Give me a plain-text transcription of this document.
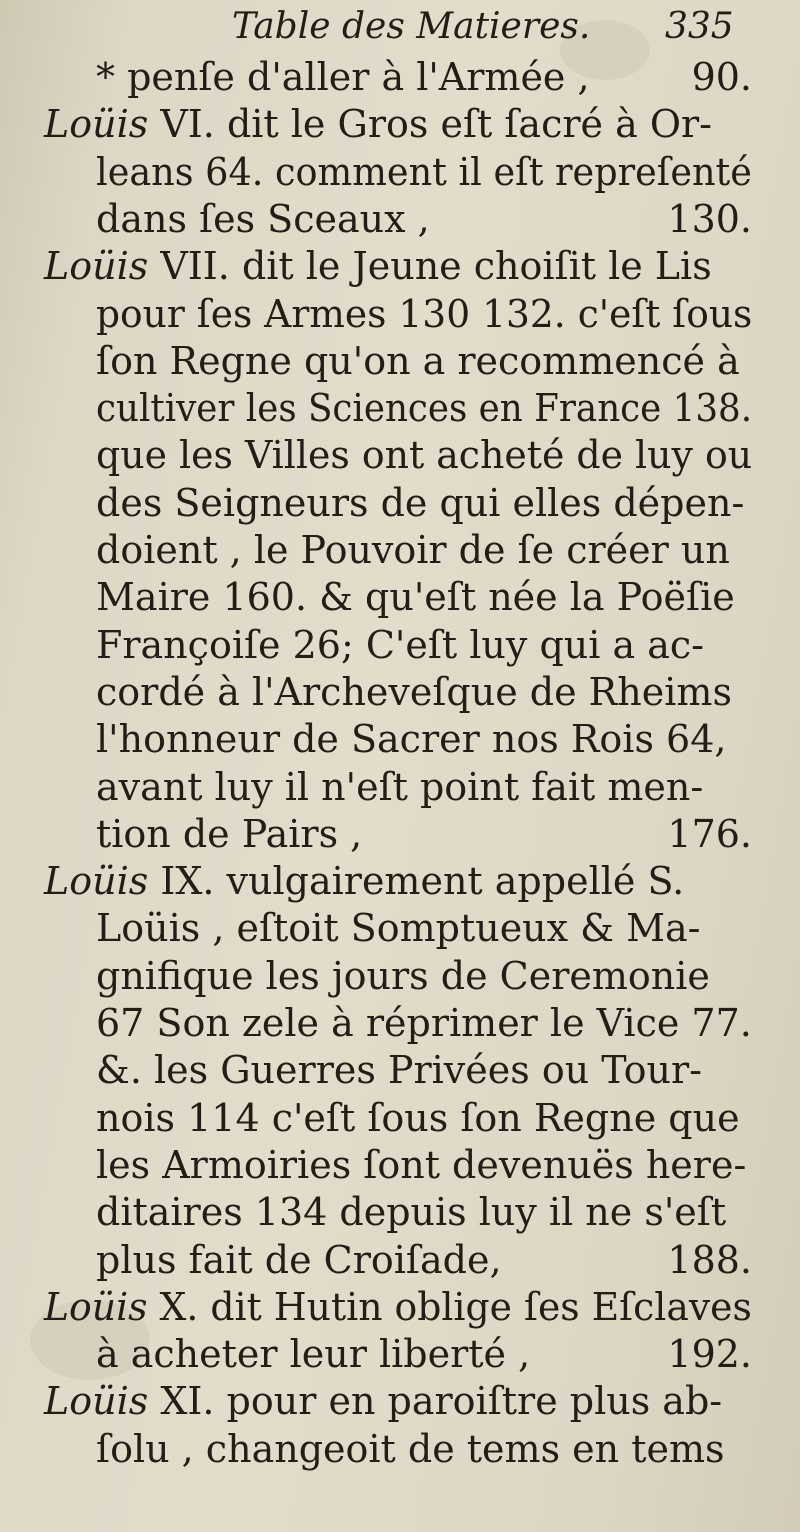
Table des Matieres. 335
* penſe d'aller à l'Armée ,	90.
Loüis VI. dit le Gros eſt ſacré à Or-
leans 64. comment il eſt repreſenté
dans ſes Sceaux ,	130.
Loüis VII. dit le Jeune choiſit le Lis
pour ſes Armes 130 132. c'eſt ſous
ſon Regne qu'on a recommencé à
cultiver les Sciences en France 138.
que les Villes ont acheté de luy ou
des Seigneurs de qui elles dépen-
doient , le Pouvoir de ſe créer un
Maire 160. & qu'eſt née la Poëſie
Françoiſe 26; C'eſt luy qui a ac-
cordé à l'Archeveſque de Rheims
l'honneur de Sacrer nos Rois 64,
avant luy il n'eſt point fait men-
tion de Pairs ,	176.
Loüis IX. vulgairement appellé S.
Loüis , eſtoit Somptueux & Ma-
gnifique les jours de Ceremonie
67 Son zele à réprimer le Vice 77.
&. les Guerres Privées ou Tour-
nois 114 c'eſt ſous ſon Regne que
les Armoiries ſont devenuës here-
ditaires 134 depuis luy il ne s'eſt
plus fait de Croiſade,	188.
Loüis X. dit Hutin oblige ſes Eſclaves
à acheter leur liberté ,	192.
Loüis XI. pour en paroiſtre plus ab-
ſolu , changeoit de tems en tems
